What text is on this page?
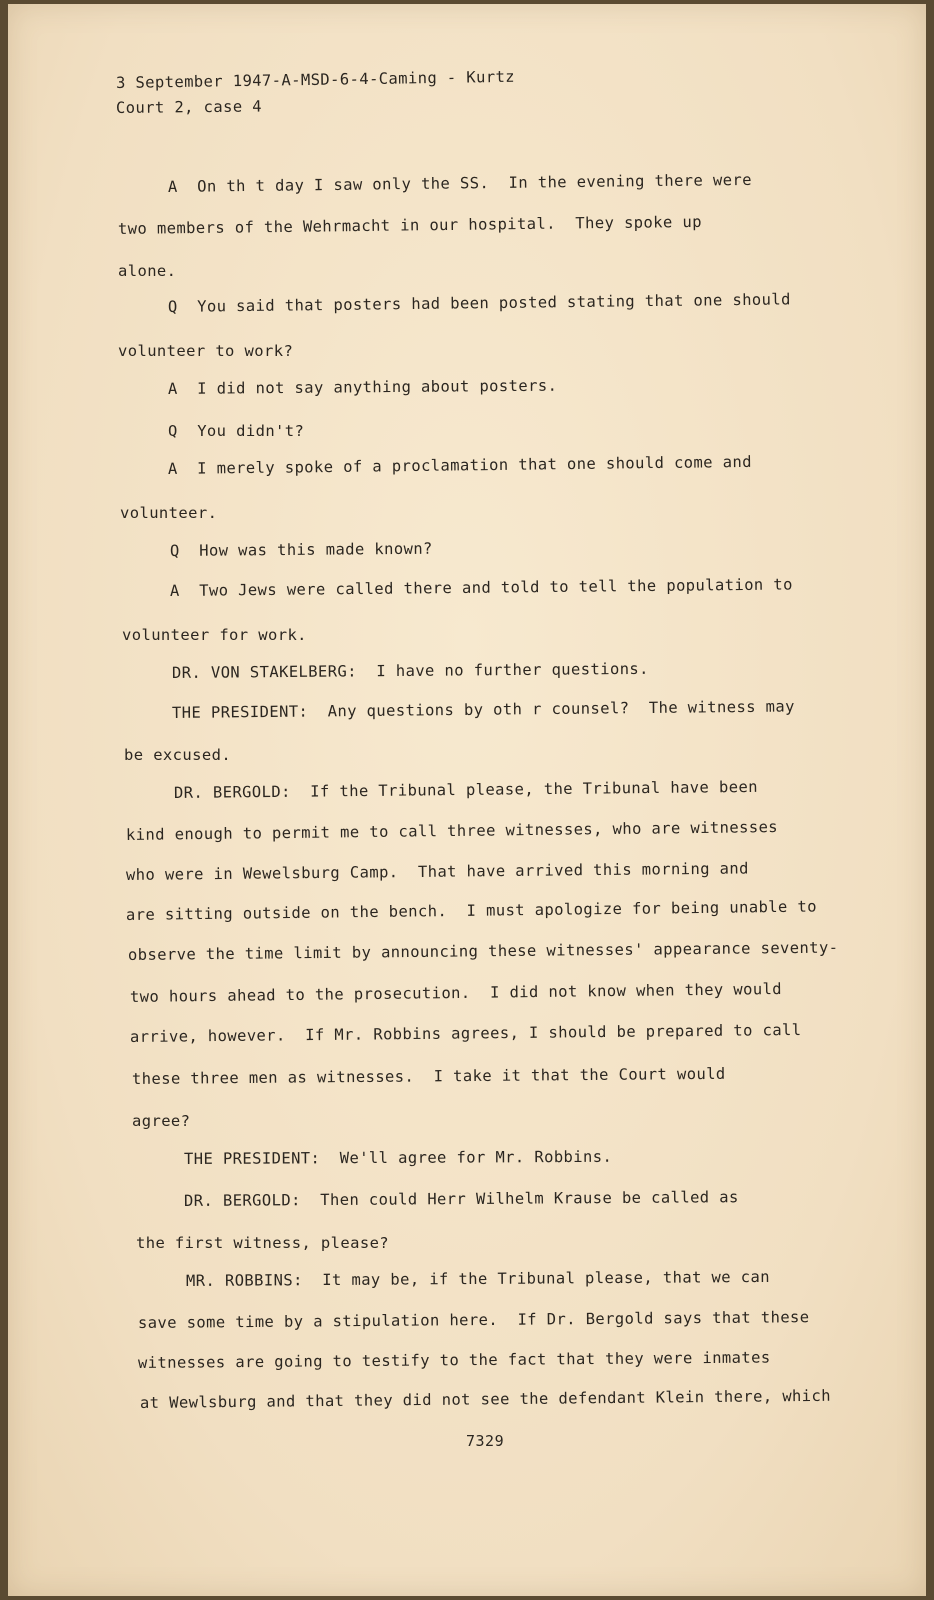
3 September 1947-A-MSD-6-4-Caming - Kurtz
Court 2, case 4
A  On th t day I saw only the SS.  In the evening there were
two members of the Wehrmacht in our hospital.  They spoke up
alone.
Q  You said that posters had been posted stating that one should
volunteer to work?
A  I did not say anything about posters.
Q  You didn't?
A  I merely spoke of a proclamation that one should come and
volunteer.
Q  How was this made known?
A  Two Jews were called there and told to tell the population to
volunteer for work.
DR. VON STAKELBERG:  I have no further questions.
THE PRESIDENT:  Any questions by oth r counsel?  The witness may
be excused.
DR. BERGOLD:  If the Tribunal please, the Tribunal have been
kind enough to permit me to call three witnesses, who are witnesses
who were in Wewelsburg Camp.  That have arrived this morning and
are sitting outside on the bench.  I must apologize for being unable to
observe the time limit by announcing these witnesses' appearance seventy-
two hours ahead to the prosecution.  I did not know when they would
arrive, however.  If Mr. Robbins agrees, I should be prepared to call
these three men as witnesses.  I take it that the Court would
agree?
THE PRESIDENT:  We'll agree for Mr. Robbins.
DR. BERGOLD:  Then could Herr Wilhelm Krause be called as
the first witness, please?
MR. ROBBINS:  It may be, if the Tribunal please, that we can
save some time by a stipulation here.  If Dr. Bergold says that these
witnesses are going to testify to the fact that they were inmates
at Wewlsburg and that they did not see the defendant Klein there, which
7329
